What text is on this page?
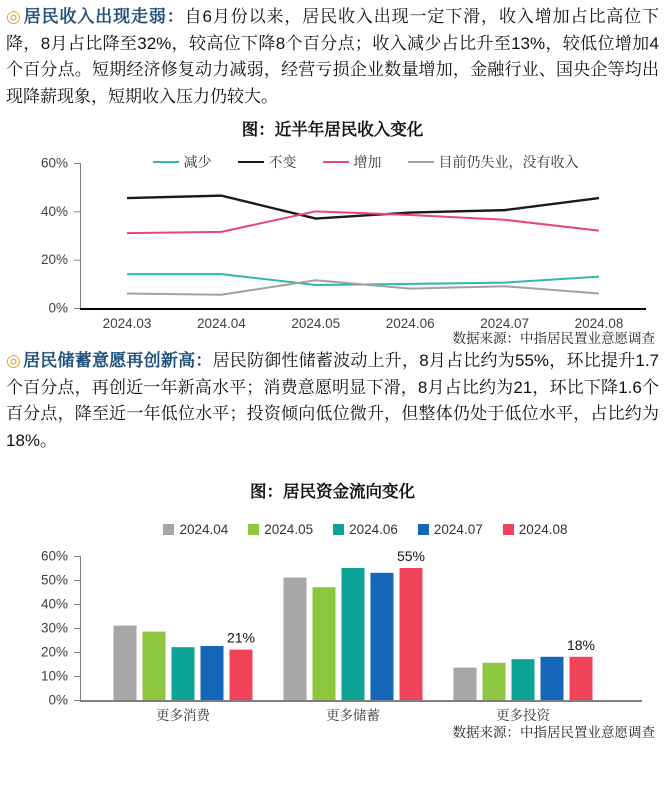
◎ 居民收入出现走弱：自6月份以来，居民收入出现一定下滑，收入增加占比高位下降，8月占比降至32%，较高位下降8个百分点；收入减少占比升至13%，较低位增加4个百分点。短期经济修复动力减弱，经营亏损企业数量增加，金融行业、国央企等均出现降薪现象，短期收入压力仍较大。

图：近半年居民收入变化
减少	不变	增加	目前仍失业，没有收入
0%
20%
40%
60%
2024.03	2024.04	2024.05	2024.06	2024.07	2024.08
数据来源：中指居民置业意愿调查

◎ 居民储蓄意愿再创新高：居民防御性储蓄波动上升，8月占比约为55%，环比提升1.7个百分点，再创近一年新高水平；消费意愿明显下滑，8月占比约为21，环比下降1.6个百分点，降至近一年低位水平；投资倾向低位微升，但整体仍处于低位水平，占比约为18%。

图：居民资金流向变化
2024.04	2024.05	2024.06	2024.07	2024.08
0%
10%
20%
30%
40%
50%
60%
21%
55%
18%
更多消费	更多储蓄	更多投资
数据来源：中指居民置业意愿调查
